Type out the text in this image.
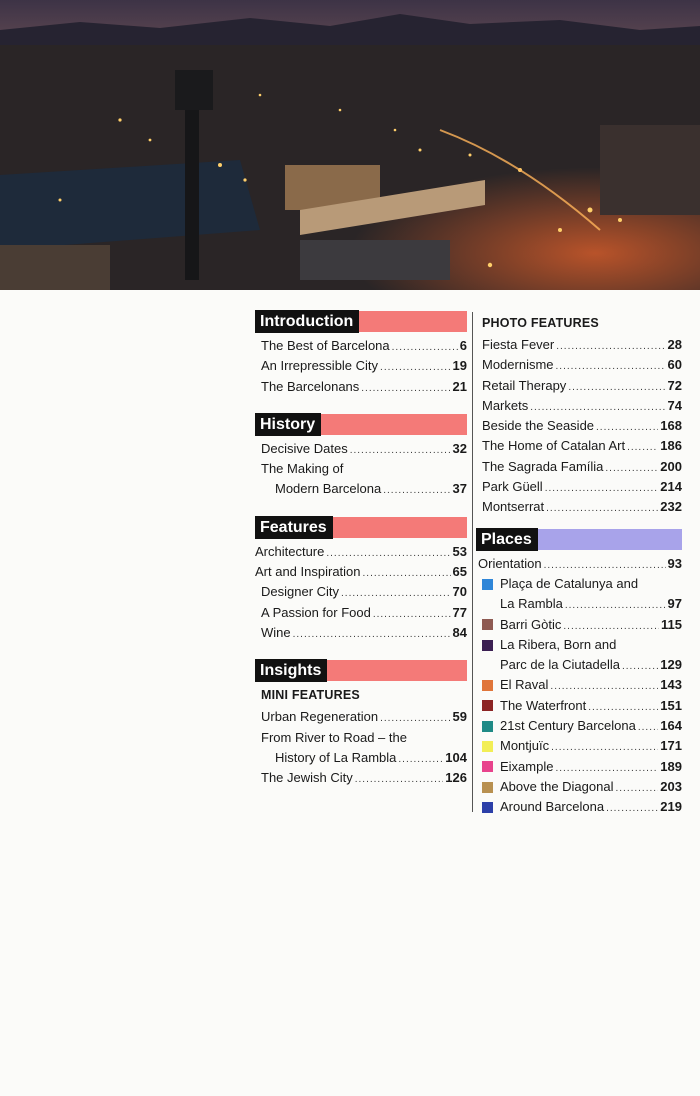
Introduction
The Best of Barcelona .....	6
An Irrepressible City .....	19
The Barcelonans .....	21
History
Decisive Dates .....	32
The Making of
Modern Barcelona .....	37
Features
Architecture .....	53
Art and Inspiration .....	65
Designer City .....	70
A Passion for Food .....	77
Wine .....	84
Insights
MINI FEATURES
Urban Regeneration .....	59
From River to Road – the
History of La Rambla .....	104
The Jewish City .....	126
PHOTO FEATURES
Fiesta Fever .....	28
Modernisme .....	60
Retail Therapy .....	72
Markets .....	74
Beside the Seaside .....	168
The Home of Catalan Art .....	186
The Sagrada Família .....	200
Park Güell .....	214
Montserrat .....	232
Places
Orientation .....	93
Plaça de Catalunya and
La Rambla .....	97
Barri Gòtic .....	115
La Ribera, Born and
Parc de la Ciutadella .....	129
El Raval .....	143
The Waterfront .....	151
21st Century Barcelona ..... 164
Montjuïc .....	171
Eixample .....	189
Above the Diagonal .....	203
Around Barcelona .....	219
